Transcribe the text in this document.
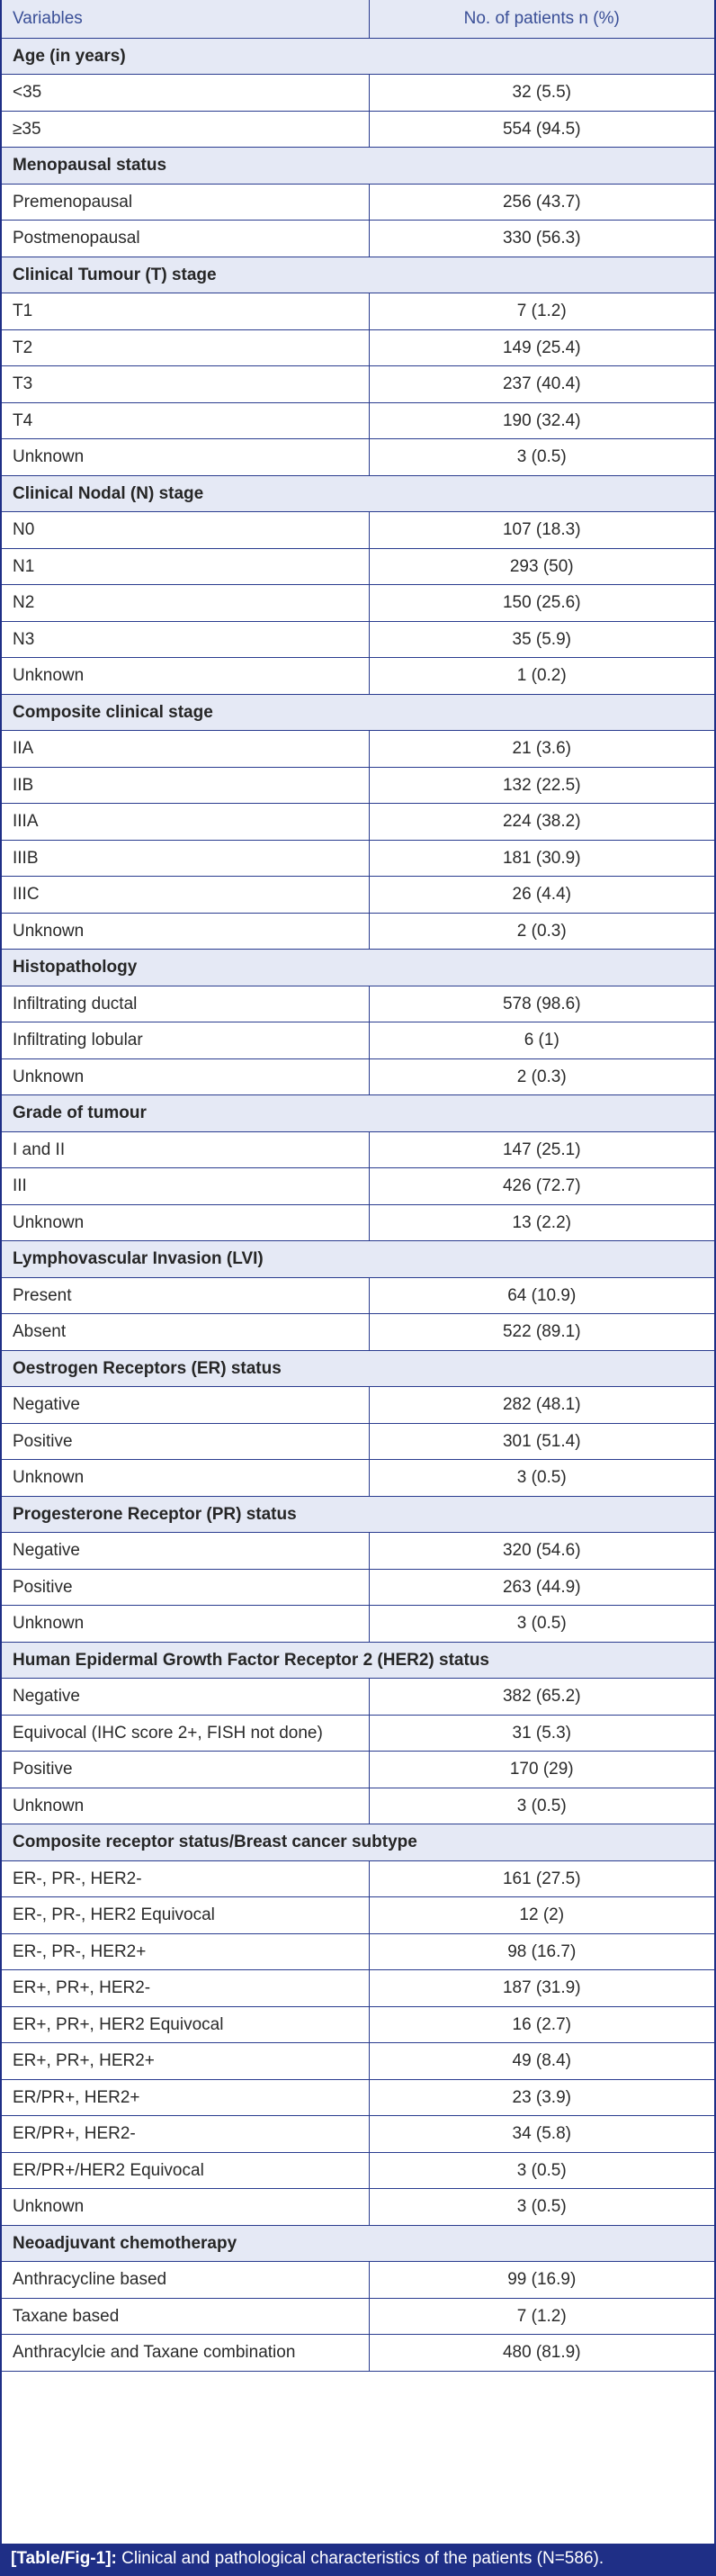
Variables	No. of patients n (%)
Age (in years)	
<35	32 (5.5)
≥35	554 (94.5)
Menopausal status	
Premenopausal	256 (43.7)
Postmenopausal	330 (56.3)
Clinical Tumour (T) stage	
T1	7 (1.2)
T2	149 (25.4)
T3	237 (40.4)
T4	190 (32.4)
Unknown	3 (0.5)
Clinical Nodal (N) stage	
N0	107 (18.3)
N1	293 (50)
N2	150 (25.6)
N3	35 (5.9)
Unknown	1 (0.2)
Composite clinical stage	
IIA	21 (3.6)
IIB	132 (22.5)
IIIA	224 (38.2)
IIIB	181 (30.9)
IIIC	26 (4.4)
Unknown	2 (0.3)
Histopathology	
Infiltrating ductal	578 (98.6)
Infiltrating lobular	6 (1)
Unknown	2 (0.3)
Grade of tumour	
I and II	147 (25.1)
III	426 (72.7)
Unknown	13 (2.2)
Lymphovascular Invasion (LVI)	
Present	64 (10.9)
Absent	522 (89.1)
Oestrogen Receptors (ER) status	
Negative	282 (48.1)
Positive	301 (51.4)
Unknown	3 (0.5)
Progesterone Receptor (PR) status	
Negative	320 (54.6)
Positive	263 (44.9)
Unknown	3 (0.5)
Human Epidermal Growth Factor Receptor 2 (HER2) status	
Negative	382 (65.2)
Equivocal (IHC score 2+, FISH not done)	31 (5.3)
Positive	170 (29)
Unknown	3 (0.5)
Composite receptor status/Breast cancer subtype	
ER-, PR-, HER2-	161 (27.5)
ER-, PR-, HER2 Equivocal	12 (2)
ER-, PR-, HER2+	98 (16.7)
ER+, PR+, HER2-	187 (31.9)
ER+, PR+, HER2 Equivocal	16 (2.7)
ER+, PR+, HER2+	49 (8.4)
ER/PR+, HER2+	23 (3.9)
ER/PR+, HER2-	34 (5.8)
ER/PR+/HER2 Equivocal	3 (0.5)
Unknown	3 (0.5)
Neoadjuvant chemotherapy	
Anthracycline based	99 (16.9)
Taxane based	7 (1.2)
Anthracylcie and Taxane combination	480 (81.9)
[Table/Fig-1]: Clinical and pathological characteristics of the patients (N=586).
